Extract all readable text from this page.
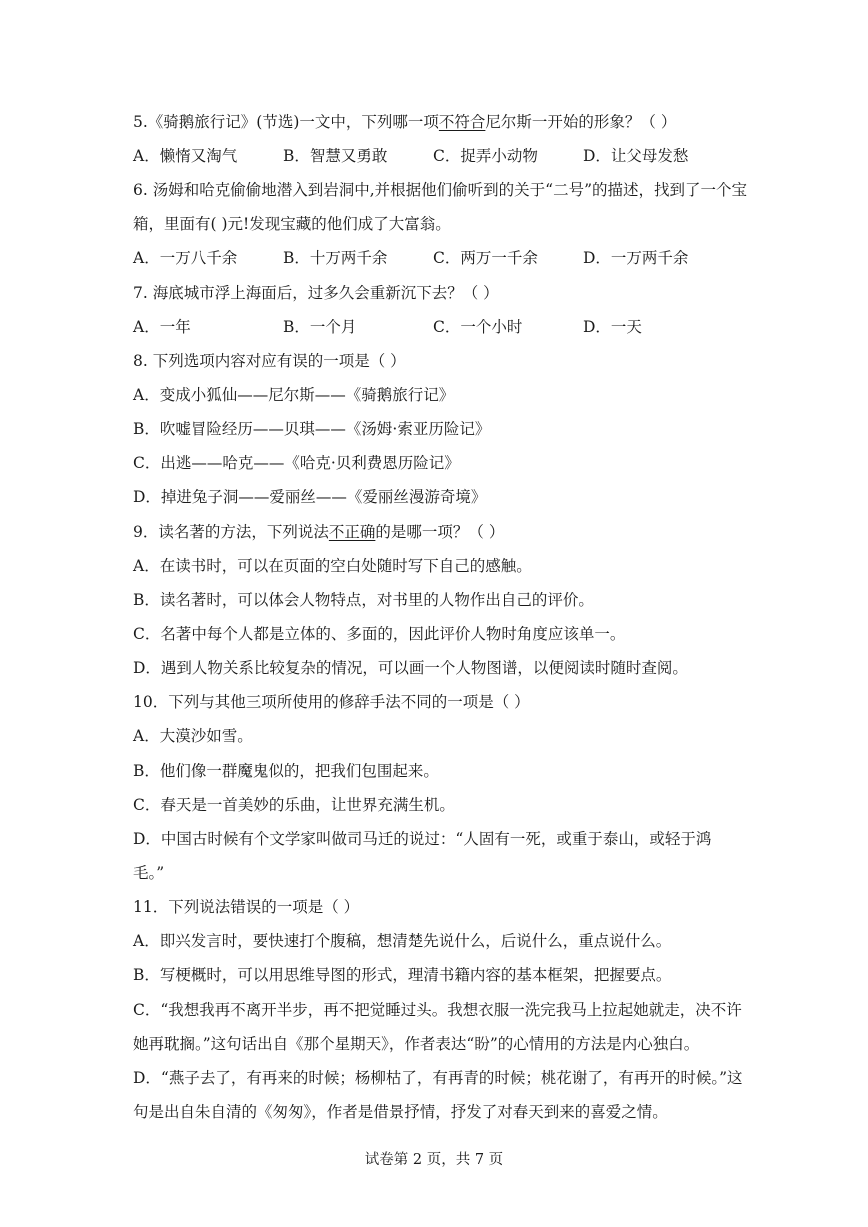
5.《骑鹅旅行记》(节选)一文中，下列哪一项不符合尼尔斯一开始的形象？（ ）
A．懒惰又淘气	B．智慧又勇敢	C．捉弄小动物	D．让父母发愁
6. 汤姆和哈克偷偷地潜入到岩洞中,并根据他们偷听到的关于“二号”的描述，找到了一个宝
箱，里面有( )元!发现宝藏的他们成了大富翁。
A．一万八千余	B．十万两千余	C．两万一千余	D．一万两千余
7. 海底城市浮上海面后，过多久会重新沉下去？（ ）
A．一年	B．一个月	C．一个小时	D．一天
8. 下列选项内容对应有误的一项是（ ）
A．变成小狐仙——尼尔斯——《骑鹅旅行记》
B．吹嘘冒险经历——贝琪——《汤姆·索亚历险记》
C．出逃——哈克——《哈克·贝利费恩历险记》
D．掉进兔子洞——爱丽丝——《爱丽丝漫游奇境》
9．读名著的方法，下列说法不正确的是哪一项？（ ）
A．在读书时，可以在页面的空白处随时写下自己的感触。
B．读名著时，可以体会人物特点，对书里的人物作出自己的评价。
C．名著中每个人都是立体的、多面的，因此评价人物时角度应该单一。
D．遇到人物关系比较复杂的情况，可以画一个人物图谱，以便阅读时随时查阅。
10．下列与其他三项所使用的修辞手法不同的一项是（ ）
A．大漠沙如雪。
B．他们像一群魔鬼似的，把我们包围起来。
C．春天是一首美妙的乐曲，让世界充满生机。
D．中国古时候有个文学家叫做司马迁的说过：“人固有一死，或重于泰山，或轻于鸿
毛。”
11．下列说法错误的一项是（ ）
A．即兴发言时，要快速打个腹稿，想清楚先说什么，后说什么，重点说什么。
B．写梗概时，可以用思维导图的形式，理清书籍内容的基本框架，把握要点。
C．“我想我再不离开半步，再不把觉睡过头。我想衣服一洗完我马上拉起她就走，决不许
她再耽搁。”这句话出自《那个星期天》，作者表达“盼”的心情用的方法是内心独白。
D．“燕子去了，有再来的时候；杨柳枯了，有再青的时候；桃花谢了，有再开的时候。”这
句是出自朱自清的《匆匆》，作者是借景抒情，抒发了对春天到来的喜爱之情。
试卷第 2 页，共 7 页
